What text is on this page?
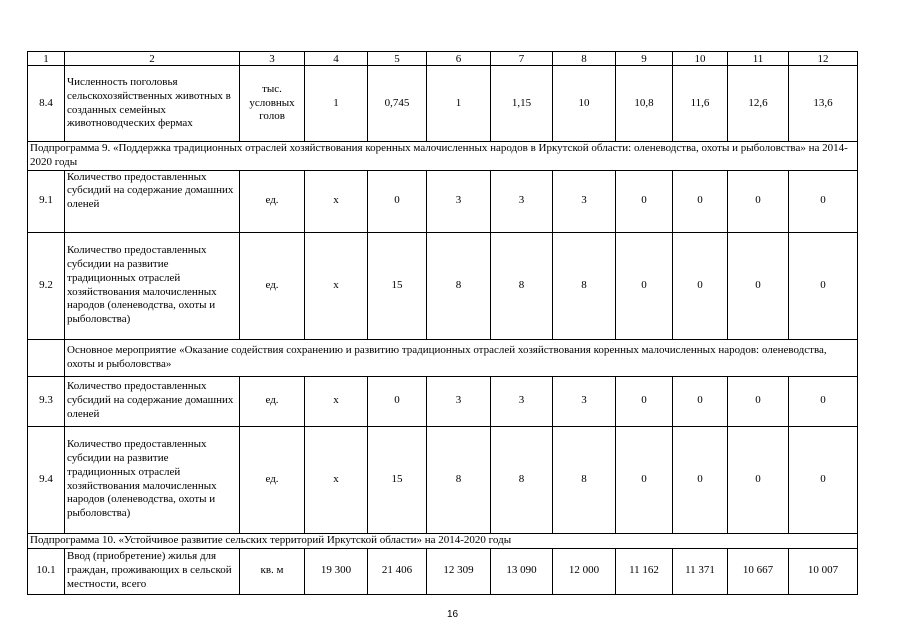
1	2	3	4	5	6	7	8	9	10	11	12
8.4	Численность поголовья сельскохозяйственных животных в созданных семейных животноводческих фермах	тыс. условных голов	1	0,745	1	1,15	10	10,8	11,6	12,6	13,6
Подпрограмма 9. «Поддержка традиционных отраслей хозяйствования коренных малочисленных народов в Иркутской области: оленеводства, охоты и рыболовства» на 2014-2020 годы											
9.1	Количество предоставленных субсидий на содержание домашних оленей	ед.	х	0	3	3	3	0	0	0	0
9.2	Количество предоставленных субсидии на развитие традиционных отраслей хозяйствования малочисленных народов (оленеводства, охоты и рыболовства)	ед.	х	15	8	8	8	0	0	0	0
	Основное мероприятие «Оказание содействия сохранению и развитию традиционных отраслей хозяйствования коренных малочисленных народов: оленеводства, охоты и рыболовства»										
9.3	Количество предоставленных субсидий на содержание домашних оленей	ед.	х	0	3	3	3	0	0	0	0
9.4	Количество предоставленных субсидии на развитие традиционных отраслей хозяйствования малочисленных народов (оленеводства, охоты и рыболовства)	ед.	х	15	8	8	8	0	0	0	0
Подпрограмма 10. «Устойчивое развитие сельских территорий Иркутской области» на 2014-2020 годы											
10.1	Ввод (приобретение) жилья для граждан, проживающих в сельской местности, всего	кв. м	19 300	21 406	12 309	13 090	12 000	11 162	11 371	10 667	10 007
16
